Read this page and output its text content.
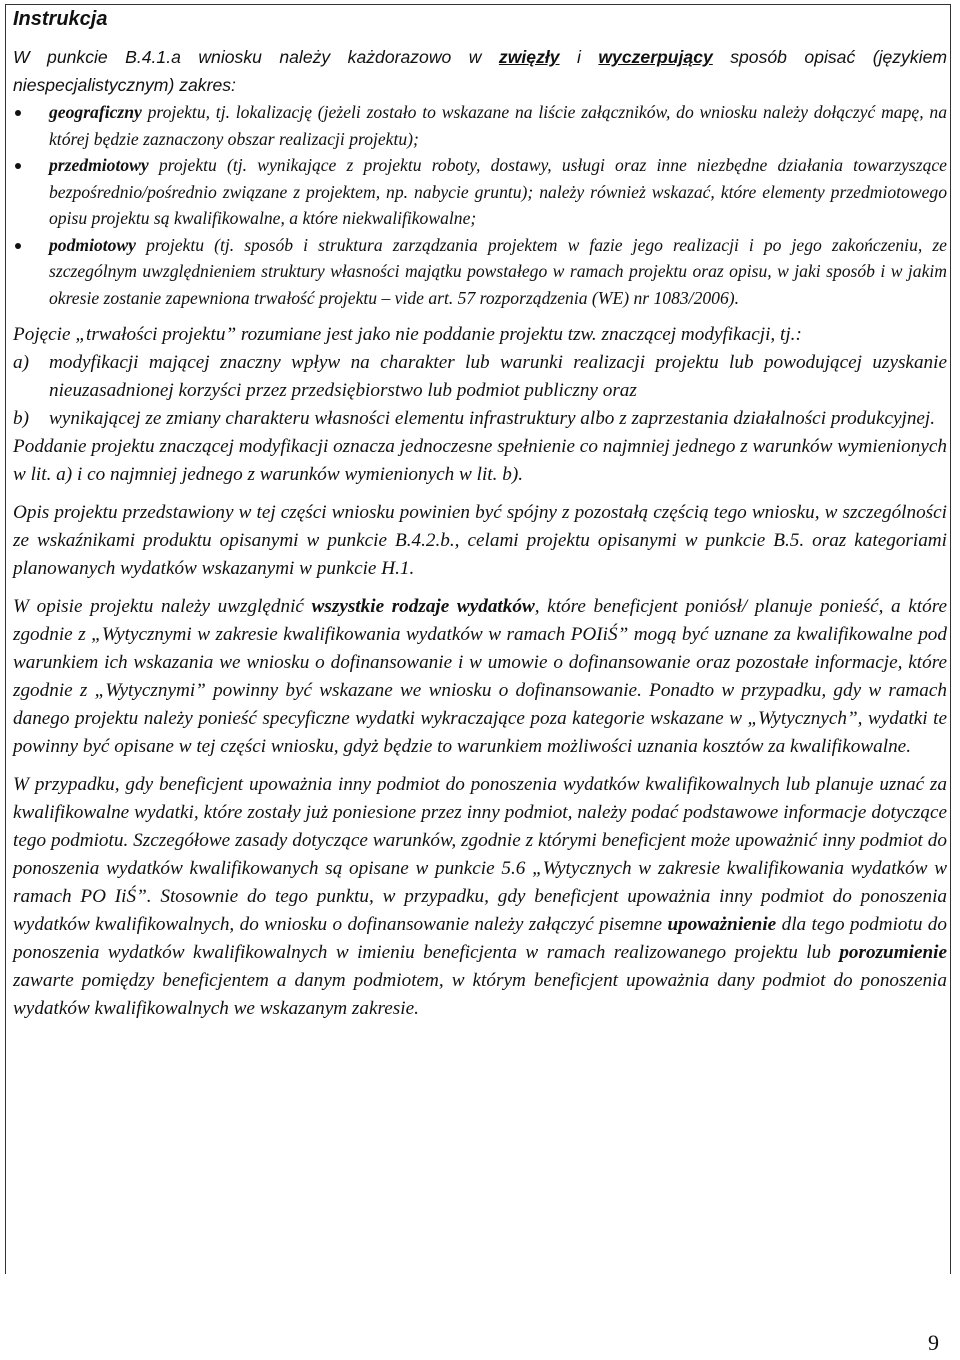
Instrukcja

W punkcie B.4.1.a wniosku należy każdorazowo w zwięzły i wyczerpujący sposób opisać (językiem niespecjalistycznym) zakres:

geograficzny projektu, tj. lokalizację (jeżeli zostało to wskazane na liście załączników, do wniosku należy dołączyć mapę, na której będzie zaznaczony obszar realizacji projektu);
przedmiotowy projektu (tj. wynikające z projektu roboty, dostawy, usługi oraz inne niezbędne działania towarzyszące bezpośrednio/pośrednio związane z projektem, np. nabycie gruntu); należy również wskazać, które elementy przedmiotowego opisu projektu są kwalifikowalne, a które niekwalifikowalne;
podmiotowy projektu (tj. sposób i struktura zarządzania projektem w fazie jego realizacji i po jego zakończeniu, ze szczególnym uwzględnieniem struktury własności majątku powstałego w ramach projektu oraz opisu, w jaki sposób i w jakim okresie zostanie zapewniona trwałość projektu – vide art. 57 rozporządzenia (WE) nr 1083/2006).

Pojęcie „trwałości projektu” rozumiane jest jako nie poddanie projektu tzw. znaczącej modyfikacji, tj.:

a) modyfikacji mającej znaczny wpływ na charakter lub warunki realizacji projektu lub powodującej uzyskanie nieuzasadnionej korzyści przez przedsiębiorstwo lub podmiot publiczny oraz
b) wynikającej ze zmiany charakteru własności elementu infrastruktury albo z zaprzestania działalności produkcyjnej.

Poddanie projektu znaczącej modyfikacji oznacza jednoczesne spełnienie co najmniej jednego z warunków wymienionych w lit. a) i co najmniej jednego z warunków wymienionych w lit. b).

Opis projektu przedstawiony w tej części wniosku powinien być spójny z pozostałą częścią tego wniosku, w szczególności ze wskaźnikami produktu opisanymi w punkcie B.4.2.b., celami projektu opisanymi w punkcie B.5. oraz kategoriami planowanych wydatków wskazanymi w punkcie H.1.

W opisie projektu należy uwzględnić wszystkie rodzaje wydatków, które beneficjent poniósł/ planuje ponieść, a które zgodnie z „Wytycznymi w zakresie kwalifikowania wydatków w ramach POIiŚ” mogą być uznane za kwalifikowalne pod warunkiem ich wskazania we wniosku o dofinansowanie i w umowie o dofinansowanie oraz pozostałe informacje, które zgodnie z „Wytycznymi” powinny być wskazane we wniosku o dofinansowanie. Ponadto w przypadku, gdy w ramach danego projektu należy ponieść specyficzne wydatki wykraczające poza kategorie wskazane w „Wytycznych”, wydatki te powinny być opisane w tej części wniosku, gdyż będzie to warunkiem możliwości uznania kosztów za kwalifikowalne.

W przypadku, gdy beneficjent upoważnia inny podmiot do ponoszenia wydatków kwalifikowalnych lub planuje uznać za kwalifikowalne wydatki, które zostały już poniesione przez inny podmiot, należy podać podstawowe informacje dotyczące tego podmiotu. Szczegółowe zasady dotyczące warunków, zgodnie z którymi beneficjent może upoważnić inny podmiot do ponoszenia wydatków kwalifikowanych są opisane w punkcie 5.6 „Wytycznych w zakresie kwalifikowania wydatków w ramach PO IiŚ”. Stosownie do tego punktu, w przypadku, gdy beneficjent upoważnia inny podmiot do ponoszenia wydatków kwalifikowalnych, do wniosku o dofinansowanie należy załączyć pisemne upoważnienie dla tego podmiotu do ponoszenia wydatków kwalifikowalnych w imieniu beneficjenta w ramach realizowanego projektu lub porozumienie zawarte pomiędzy beneficjentem a danym podmiotem, w którym beneficjent upoważnia dany podmiot do ponoszenia wydatków kwalifikowalnych we wskazanym zakresie.

9
